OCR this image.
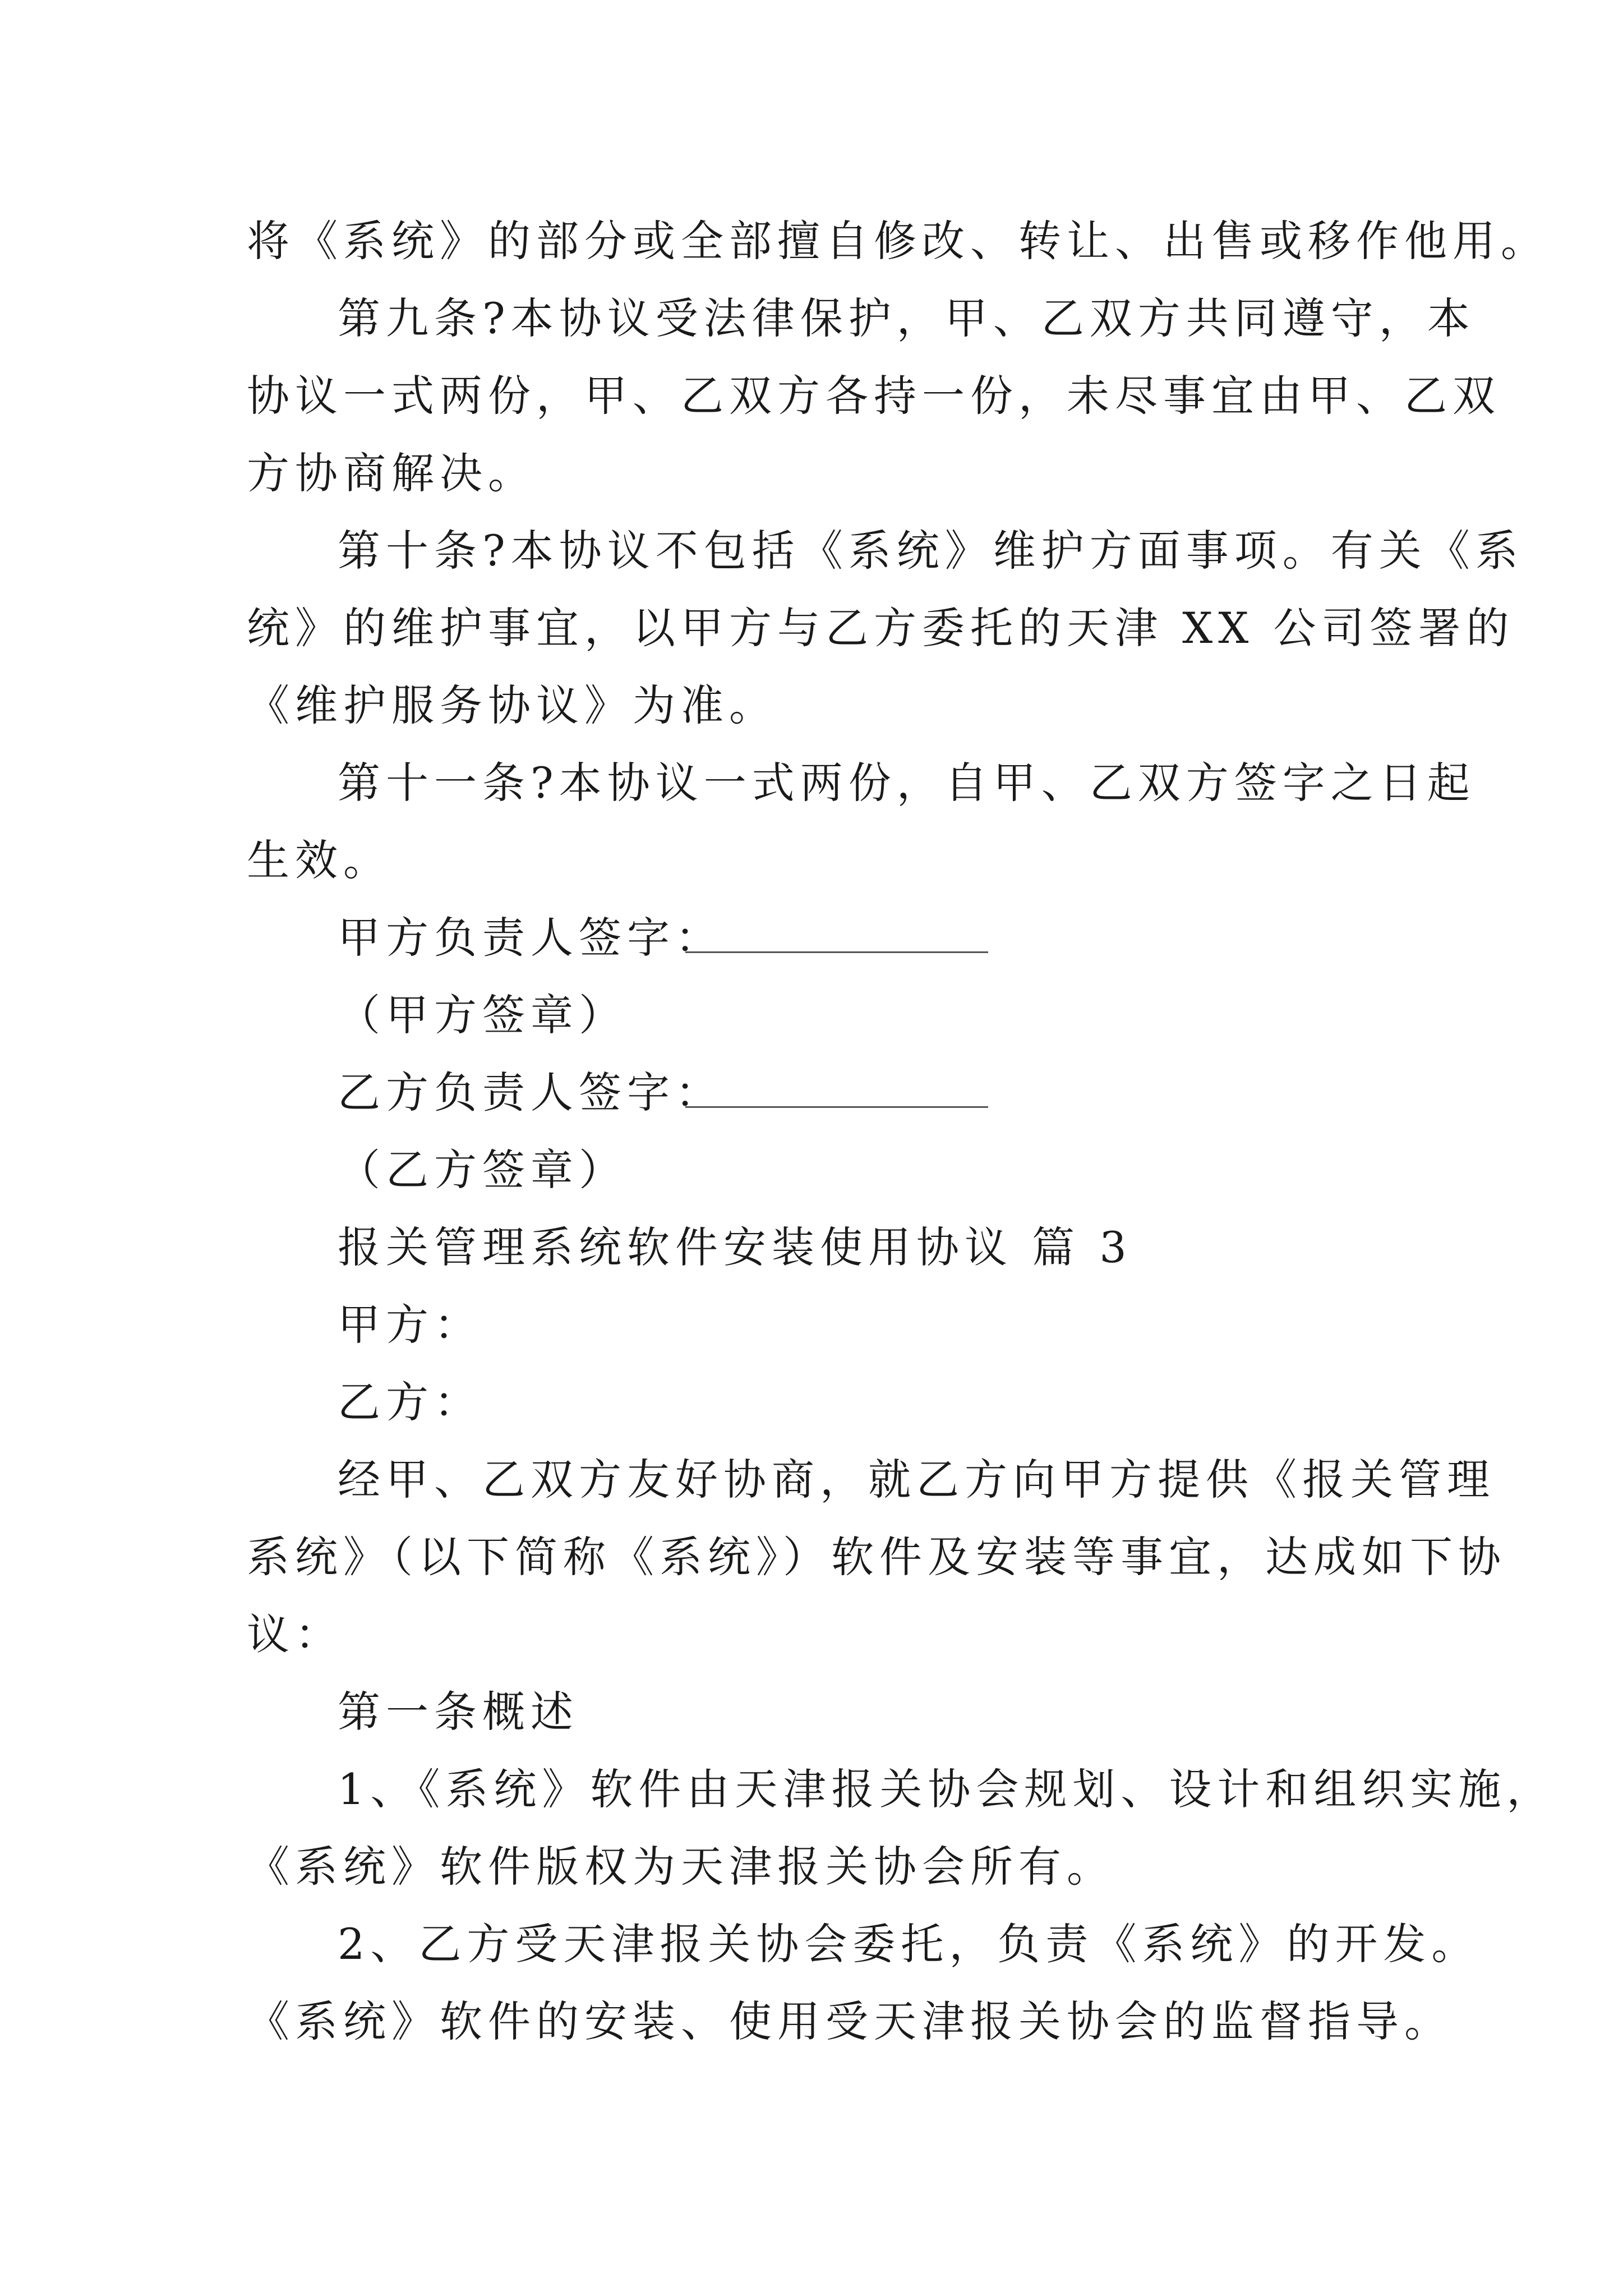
将《系统》的部分或全部擅自修改、转让、出售或移作他用。
第九条?本协议受法律保护，甲、乙双方共同遵守，本
协议一式两份，甲、乙双方各持一份，未尽事宜由甲、乙双
方协商解决。
第十条?本协议不包括《系统》维护方面事项。有关《系
统》的维护事宜，以甲方与乙方委托的天津 XX 公司签署的
《维护服务协议》为准。
第十一条?本协议一式两份，自甲、乙双方签字之日起
生效。
甲方负责人签字：
（甲方签章）
乙方负责人签字：
（乙方签章）
报关管理系统软件安装使用协议 篇 3
甲方：
乙方：
经甲、乙双方友好协商，就乙方向甲方提供《报关管理
系统》（以下简称《系统》）软件及安装等事宜，达成如下协
议：
第一条概述
1、《系统》软件由天津报关协会规划、设计和组织实施，
《系统》软件版权为天津报关协会所有。
2、乙方受天津报关协会委托，负责《系统》的开发。
《系统》软件的安装、使用受天津报关协会的监督指导。
